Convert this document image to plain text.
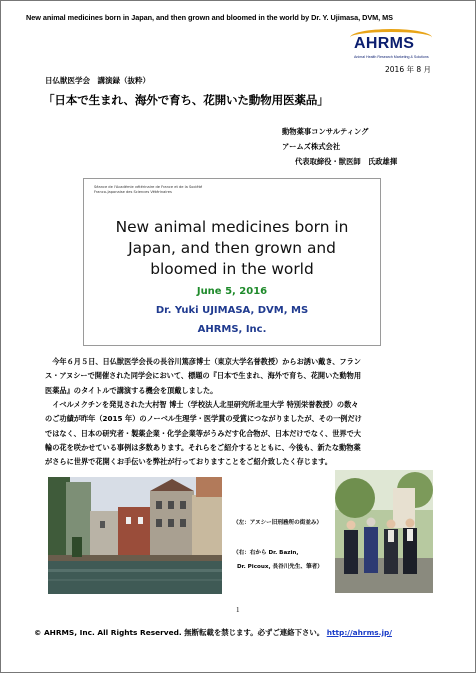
New animal medicines born in Japan, and then grown and bloomed in the world by Dr. Y. Ujimasa, DVM, MS
AHRMS
Animal Health Research Marketing & Solutions
2016 年 8 月
日仏獣医学会　講演録（抜粋）
「日本で生まれ、海外で育ち、花開いた動物用医薬品」
動物薬事コンサルティング
アームズ株式会社
代表取締役・獣医師　氏政雄揮
Séance de l'Académie vétérinaire de France et de la Société
Franco-Japonaise des Sciences Vétérinaires
New animal medicines born in
Japan, and then grown and
bloomed in the world
June 5, 2016
Dr. Yuki UJIMASA, DVM, MS
AHRMS, Inc.
　今年６月５日、日仏獣医学会長の長谷川篤彦博士（東京大学名誉教授）からお誘い戴き、フラン
ス・アヌシーで開催された同学会において、標題の『日本で生まれ、海外で育ち、花開いた動物用
医薬品』のタイトルで講演する機会を頂戴しました。
　イベルメクチンを発見された大村智 博士（学校法人北里研究所北里大学 特別栄誉教授）の数々
のご功績が昨年（2015 年）のノーベル生理学・医学賞の受賞につながりましたが、その一例だけ
ではなく、日本の研究者・製薬企業・化学企業等がうみだす化合物が、日本だけでなく、世界で大
輪の花を咲かせている事例は多数あります。それらをご紹介するとともに、今後も、新たな動物薬
がさらに世界で花開くお手伝いを弊社が行っておりますことをご紹介致したく存じます。
（左：アヌシー旧刑務所の街並み）
（右：右から Dr. Bazin,
Dr. Picoux, 長谷川先生、筆者）
1
© AHRMS, Inc. All Rights Reserved. 無断転載を禁じます。必ずご連絡下さい。 http://ahrms.jp/
